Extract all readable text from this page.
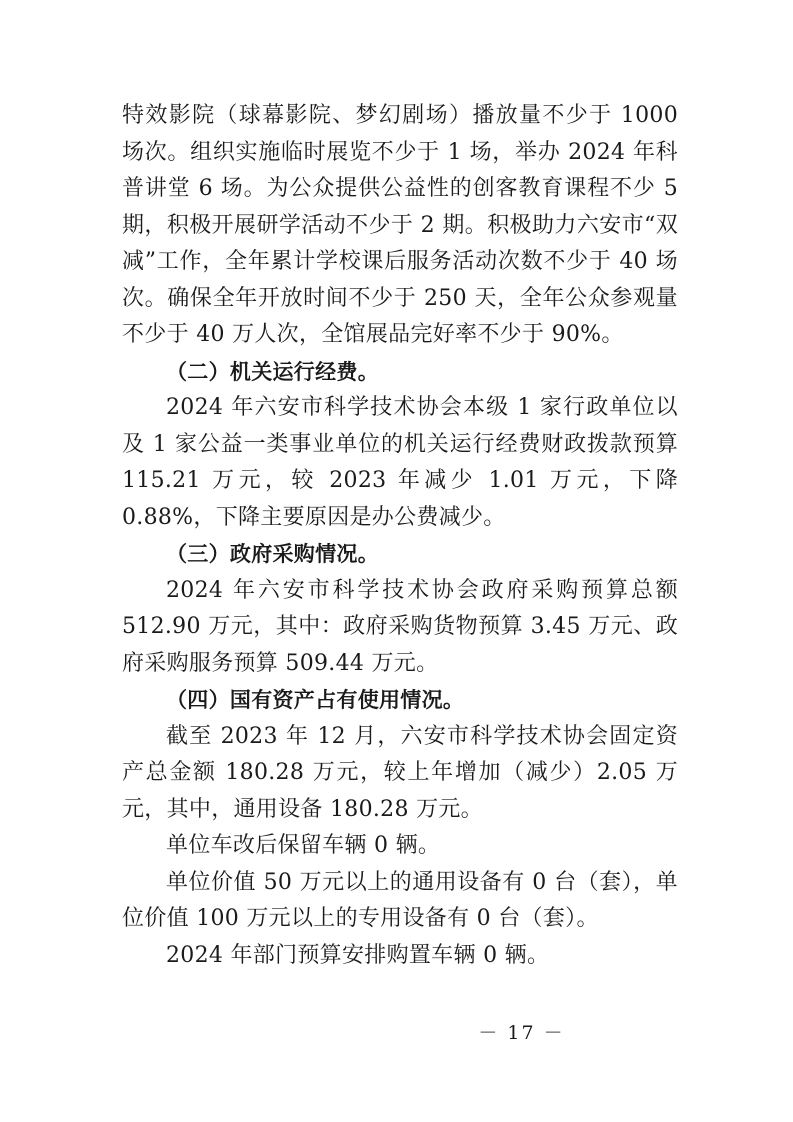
特效影院（球幕影院、梦幻剧场）播放量不少于 1000 场次。组织实施临时展览不少于 1 场，举办 2024 年科普讲堂 6 场。为公众提供公益性的创客教育课程不少 5 期，积极开展研学活动不少于 2 期。积极助力六安市“双减”工作，全年累计学校课后服务活动次数不少于 40 场次。确保全年开放时间不少于 250 天，全年公众参观量不少于 40 万人次，全馆展品完好率不少于 90%。

（二）机关运行经费。

2024 年六安市科学技术协会本级 1 家行政单位以及 1 家公益一类事业单位的机关运行经费财政拨款预算 115.21 万元，较 2023 年减少 1.01 万元，下降 0.88%，下降主要原因是办公费减少。

（三）政府采购情况。

2024 年六安市科学技术协会政府采购预算总额 512.90 万元，其中：政府采购货物预算 3.45 万元、政府采购服务预算 509.44 万元。

（四）国有资产占有使用情况。

截至 2023 年 12 月，六安市科学技术协会固定资产总金额 180.28 万元，较上年增加（减少）2.05 万元，其中，通用设备 180.28 万元。

单位车改后保留车辆 0 辆。

单位价值 50 万元以上的通用设备有 0 台（套），单位价值 100 万元以上的专用设备有 0 台（套）。

2024 年部门预算安排购置车辆 0 辆。

－ 17 －
